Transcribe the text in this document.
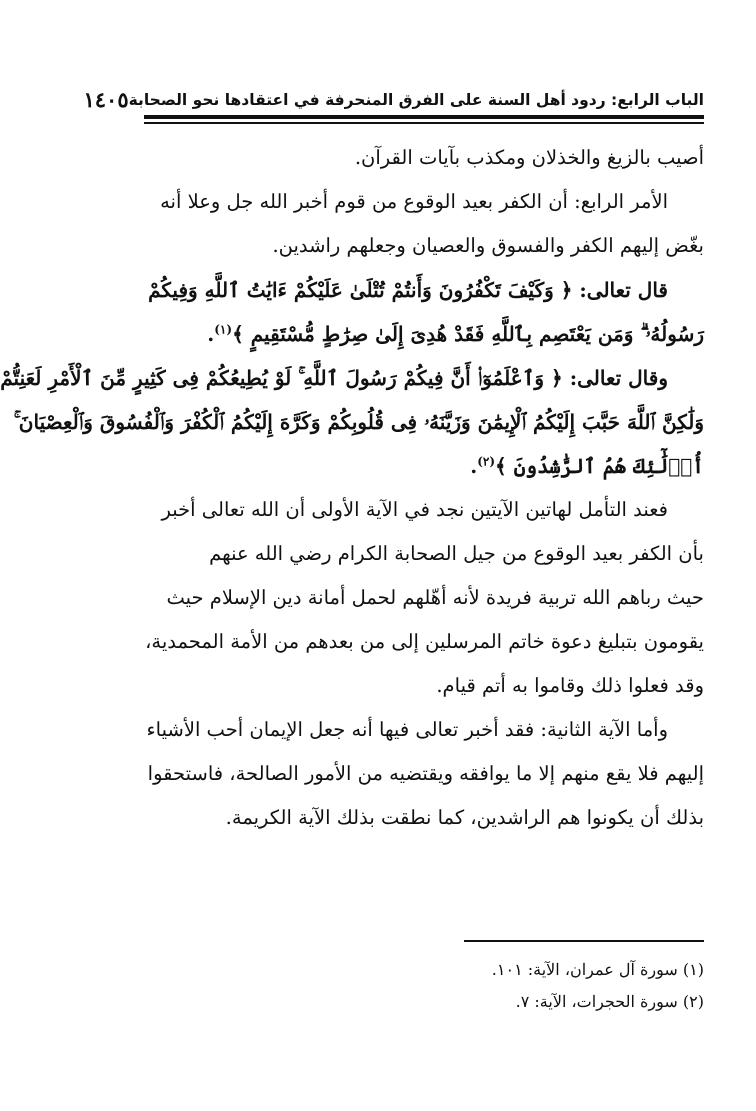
الباب الرابع: ردود أهل السنة على الفرق المنحرفة في اعتقادها نحو الصحابة
١٤٠٥
أصيب بالزيغ والخذلان ومكذب بآيات القرآن.
الأمر الرابع: أن الكفر بعيد الوقوع من قوم أخبر الله جل وعلا أنه
بغّض إليهم الكفر والفسوق والعصيان وجعلهم راشدين.
قال تعالى: ﴿ وَكَيْفَ تَكْفُرُونَ وَأَنتُمْ تُتْلَىٰ عَلَيْكُمْ ءَايَٰتُ ٱللَّهِ وَفِيكُمْ
رَسُولُهُۥ ۗ وَمَن يَعْتَصِم بِٱللَّهِ فَقَدْ هُدِىَ إِلَىٰ صِرَٰطٍ مُّسْتَقِيمٍ ﴾$^{(١)}$.
وقال تعالى: ﴿ وَٱعْلَمُوٓا۟ أَنَّ فِيكُمْ رَسُولَ ٱللَّهِ ۚ لَوْ يُطِيعُكُمْ فِى كَثِيرٍ مِّنَ ٱلْأَمْرِ لَعَنِتُّمْ
وَلَٰكِنَّ ٱللَّهَ حَبَّبَ إِلَيْكُمُ ٱلْإِيمَٰنَ وَزَيَّنَهُۥ فِى قُلُوبِكُمْ وَكَرَّهَ إِلَيْكُمُ ٱلْكُفْرَ وَٱلْفُسُوقَ وَٱلْعِصْيَانَ ۚ
أُو۟لَٰٓئِكَ هُمُ ٱلرَّٰشِدُونَ ﴾$^{(٢)}$.
فعند التأمل لهاتين الآيتين نجد في الآية الأولى أن الله تعالى أخبر
بأن الكفر بعيد الوقوع من جيل الصحابة الكرام رضي الله عنهم
حيث رباهم الله تربية فريدة لأنه أهّلهم لحمل أمانة دين الإسلام حيث
يقومون بتبليغ دعوة خاتم المرسلين إلى من بعدهم من الأمة المحمدية،
وقد فعلوا ذلك وقاموا به أتم قيام.
وأما الآية الثانية: فقد أخبر تعالى فيها أنه جعل الإيمان أحب الأشياء
إليهم فلا يقع منهم إلا ما يوافقه ويقتضيه من الأمور الصالحة، فاستحقوا
بذلك أن يكونوا هم الراشدين، كما نطقت بذلك الآية الكريمة.
(١) سورة آل عمران، الآية: ١٠١.
(٢) سورة الحجرات، الآية: ٧.
